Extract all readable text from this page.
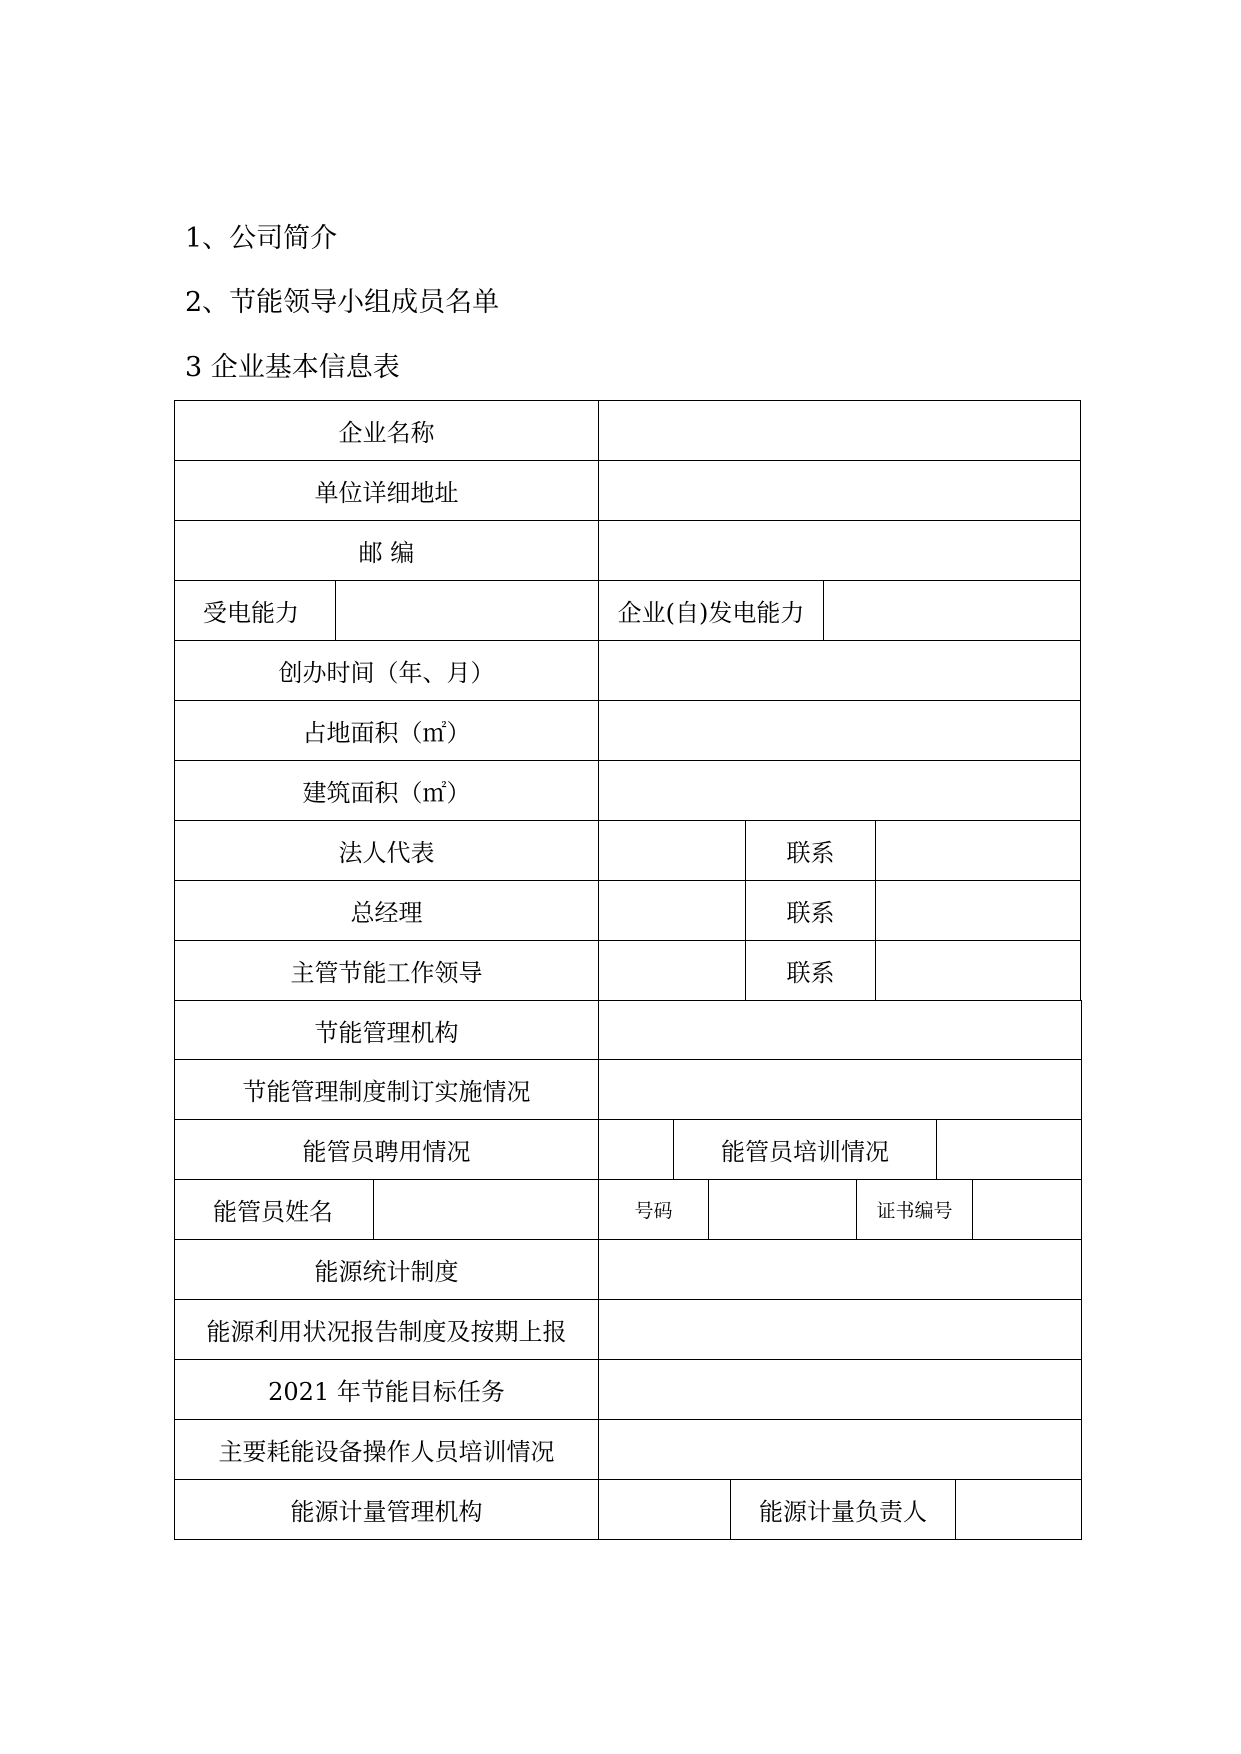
1、公司简介
2、节能领导小组成员名单
3 企业基本信息表
企业名称
单位详细地址
邮 编
受电能力	企业(自)发电能力
创办时间（年、月）
占地面积（㎡）
建筑面积（㎡）
法人代表	联系
总经理	联系
主管节能工作领导	联系
节能管理机构
节能管理制度制订实施情况
能管员聘用情况	能管员培训情况
能管员姓名	号码	证书编号
能源统计制度
能源利用状况报告制度及按期上报
2021 年节能目标任务
主要耗能设备操作人员培训情况
能源计量管理机构	能源计量负责人
